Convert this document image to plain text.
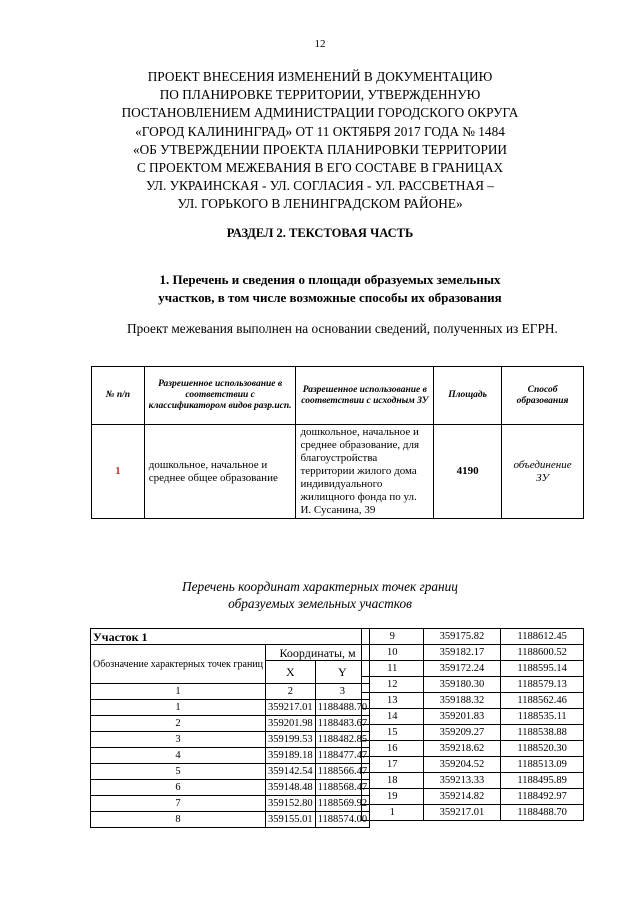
12
ПРОЕКТ ВНЕСЕНИЯ ИЗМЕНЕНИЙ В ДОКУМЕНТАЦИЮ
ПО ПЛАНИРОВКЕ ТЕРРИТОРИИ, УТВЕРЖДЕННУЮ
ПОСТАНОВЛЕНИЕМ АДМИНИСТРАЦИИ ГОРОДСКОГО ОКРУГА
«ГОРОД КАЛИНИНГРАД» ОТ 11 ОКТЯБРЯ 2017 ГОДА № 1484
«ОБ УТВЕРЖДЕНИИ ПРОЕКТА ПЛАНИРОВКИ ТЕРРИТОРИИ
С ПРОЕКТОМ МЕЖЕВАНИЯ В ЕГО СОСТАВЕ В ГРАНИЦАХ
УЛ. УКРАИНСКАЯ - УЛ. СОГЛАСИЯ - УЛ. РАССВЕТНАЯ –
УЛ. ГОРЬКОГО В ЛЕНИНГРАДСКОМ РАЙОНЕ»
РАЗДЕЛ 2. ТЕКСТОВАЯ ЧАСТЬ
1. Перечень и сведения о площади образуемых земельных
участков, в том числе возможные способы их образования
Проект межевания выполнен на основании сведений, полученных из ЕГРН.
№ п/п	Разрешенное использование в соответствии с классификатором видов разр.исп.	Разрешенное использование в соответствии с исходным ЗУ	Площадь	Способ образования
1	дошкольное, начальное и среднее общее образование	дошкольное, начальное и среднее образование, для благоустройства территории жилого дома индивидуального жилищного фонда по ул. И. Сусанина, 39	4190	объединение ЗУ
Перечень координат характерных точек границ
образуемых земельных участков
Участок 1		
Обозначение характерных точек границ	Координаты, м	
	X	Y
1	2	3
1	359217.01	1188488.70
2	359201.98	1188483.67
3	359199.53	1188482.85
4	359189.18	1188477.47
5	359142.54	1188566.47
6	359148.48	1188568.47
7	359152.80	1188569.92
8	359155.01	1188574.00
9	359175.82	1188612.45
10	359182.17	1188600.52
11	359172.24	1188595.14
12	359180.30	1188579.13
13	359188.32	1188562.46
14	359201.83	1188535.11
15	359209.27	1188538.88
16	359218.62	1188520.30
17	359204.52	1188513.09
18	359213.33	1188495.89
19	359214.82	1188492.97
1	359217.01	1188488.70
